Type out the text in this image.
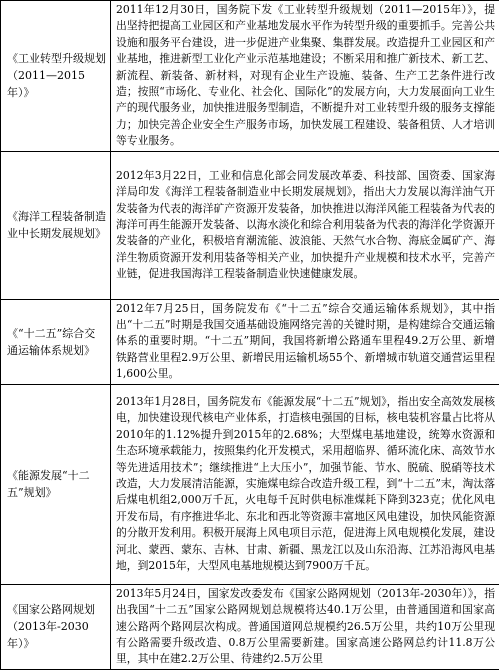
《工业转型升级规划（2011—2015年）》	2011年12月30日，国务院下发《工业转型升级规划（2011—2015年）》，提出坚持把提高工业园区和产业基地发展水平作为转型升级的重要抓手。完善公共设施和服务平台建设，进一步促进产业集聚、集群发展。改造提升工业园区和产业基地，推进新型工业化产业示范基地建设；不断采用和推广新技术、新工艺、新流程、新装备、新材料，对现有企业生产设施、装备、生产工艺条件进行改造；按照“市场化、专业化、社会化、国际化”的发展方向，大力发展面向工业生产的现代服务业，加快推进服务型制造，不断提升对工业转型升级的服务支撑能力；加快完善企业安全生产服务市场，加快发展工程建设、装备租赁、人才培训等专业服务。
《海洋工程装备制造业中长期发展规划》	2012年3月22日，工业和信息化部会同发展改革委、科技部、国资委、国家海洋局印发《海洋工程装备制造业中长期发展规划》，指出大力发展以海洋油气开发装备为代表的海洋矿产资源开发装备，加快推进以海洋风能工程装备为代表的海洋可再生能源开发装备、以海水淡化和综合利用装备为代表的海洋化学资源开发装备的产业化，积极培育潮流能、波浪能、天然气水合物、海底金属矿产、海洋生物质资源开发利用装备等相关产业，加快提升产业规模和技术水平，完善产业链，促进我国海洋工程装备制造业快速健康发展。
《“十二五”综合交通运输体系规划》	2012年7月25日，国务院发布《“十二五”综合交通运输体系规划》，其中指出“十二五”时期是我国交通基础设施网络完善的关键时期，是构建综合交通运输体系的重要时期。“十二五”期间，我国将新增公路通车里程49.2万公里、新增铁路营业里程2.9万公里、新增民用运输机场55个、新增城市轨道交通营运里程1,600公里。
《能源发展“十二五”规划》	2013年1月28日，国务院发布《能源发展“十二五”规划》，指出安全高效发展核电，加快建设现代核电产业体系，打造核电强国的目标，核电装机容量占比将从2010年的1.12%提升到2015年的2.68%；大型煤电基地建设，统筹水资源和生态环境承载能力，按照集约化开发模式，采用超临界、循环流化床、高效节水等先进适用技术”；继续推进“上大压小”，加强节能、节水、脱硫、脱硝等技术改造，大力发展清洁能源，实施煤电综合改造升级工程，到“十二五”末，淘汰落后煤电机组2,000万千瓦，火电每千瓦时供电标准煤耗下降到323克；优化风电开发布局，有序推进华北、东北和西北等资源丰富地区风电建设，加快风能资源的分散开发利用。积极开展海上风电项目示范，促进海上风电规模化发展，建设河北、蒙西、蒙东、吉林、甘肃、新疆、黑龙江以及山东沿海、江苏沿海风电基地，到2015年，大型风电基地规模达到7900万千瓦。
《国家公路网规划（2013年-2030年）》	2013年5月24日，国家发改委发布《国家公路网规划（2013年-2030年）》，指出我国“十二五”国家公路网规划总规模将达40.1万公里，由普通国道和国家高速公路两个路网层次构成。普通国道网总规模约26.5万公里，共约10万公里现有公路需要升级改造、0.8万公里需要新建。国家高速公路网总约计11.8万公里，其中在建2.2万公里、待建约2.5万公里
